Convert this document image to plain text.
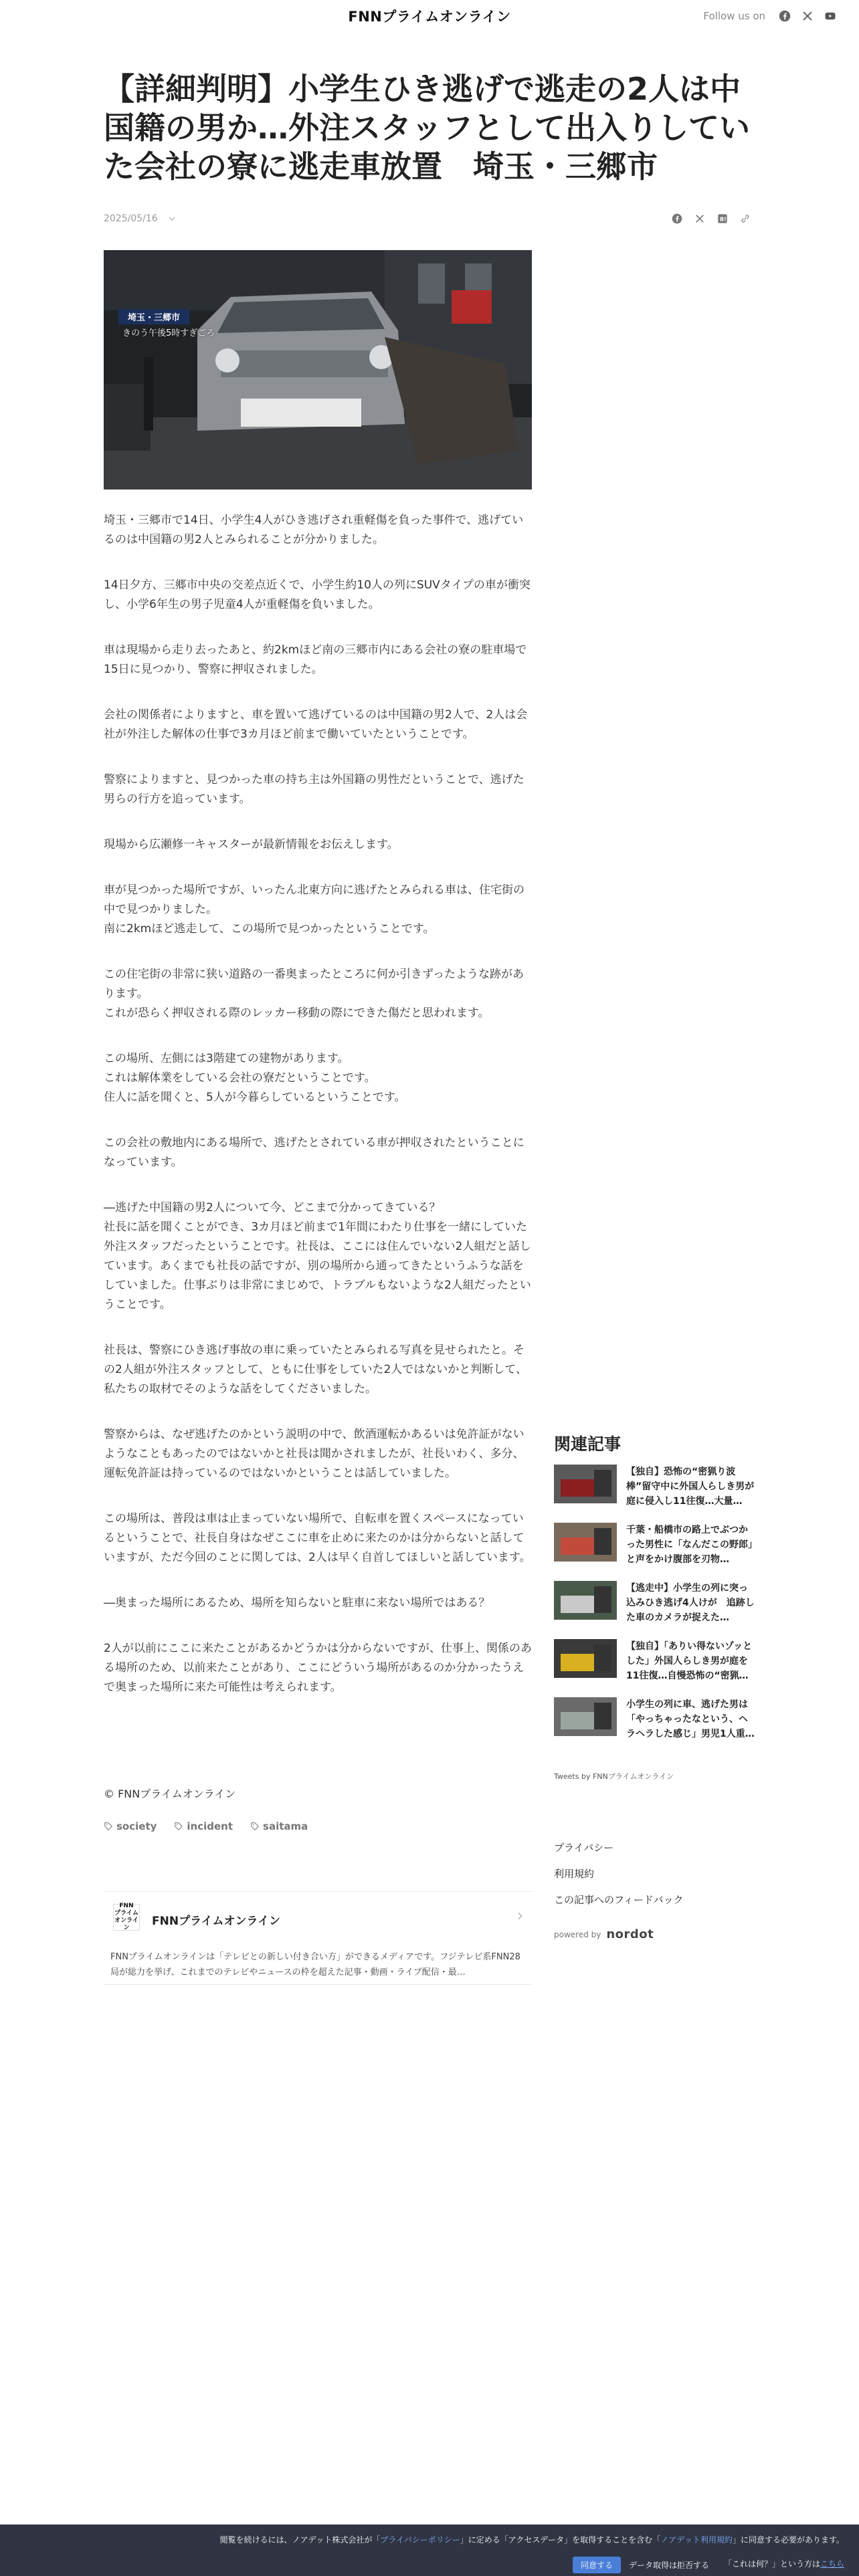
FNNプライムオンライン	Follow us on
【詳細判明】小学生ひき逃げで逃走の2人は中国籍の男か…外注スタッフとして出入りしていた会社の寮に逃走車放置　埼玉・三郷市
2025/05/16	B!
埼玉・三郷市
きのう午後5時すぎごろ

埼玉・三郷市で14日、小学生4人がひき逃げされ重軽傷を負った事件で、逃げているのは中国籍の男2人とみられることが分かりました。

14日夕方、三郷市中央の交差点近くで、小学生約10人の列にSUVタイプの車が衝突し、小学6年生の男子児童4人が重軽傷を負いました。

車は現場から走り去ったあと、約2kmほど南の三郷市内にある会社の寮の駐車場で15日に見つかり、警察に押収されました。

会社の関係者によりますと、車を置いて逃げているのは中国籍の男2人で、2人は会社が外注した解体の仕事で3カ月ほど前まで働いていたということです。

警察によりますと、見つかった車の持ち主は外国籍の男性だということで、逃げた男らの行方を追っています。

現場から広瀬修一キャスターが最新情報をお伝えします。

車が見つかった場所ですが、いったん北東方向に逃げたとみられる車は、住宅街の中で見つかりました。
南に2kmほど逃走して、この場所で見つかったということです。

この住宅街の非常に狭い道路の一番奥まったところに何か引きずったような跡があります。
これが恐らく押収される際のレッカー移動の際にできた傷だと思われます。

この場所、左側には3階建ての建物があります。
これは解体業をしている会社の寮だということです。
住人に話を聞くと、5人が今暮らしているということです。

この会社の敷地内にある場所で、逃げたとされている車が押収されたということになっています。

―逃げた中国籍の男2人について今、どこまで分かってきている？
社長に話を聞くことができ、3カ月ほど前まで1年間にわたり仕事を一緒にしていた外注スタッフだったということです。社長は、ここには住んでいない2人組だと話しています。あくまでも社長の話ですが、別の場所から通ってきたというふうな話をしていました。仕事ぶりは非常にまじめで、トラブルもないような2人組だったということです。

社長は、警察にひき逃げ事故の車に乗っていたとみられる写真を見せられたと。その2人組が外注スタッフとして、ともに仕事をしていた2人ではないかと判断して、私たちの取材でそのような話をしてくださいました。

警察からは、なぜ逃げたのかという説明の中で、飲酒運転かあるいは免許証がないようなこともあったのではないかと社長は聞かされましたが、社長いわく、多分、運転免許証は持っているのではないかということは話していました。

この場所は、普段は車は止まっていない場所で、自転車を置くスペースになっているということで、社長自身はなぜここに車を止めに来たのかは分からないと話していますが、ただ今回のことに関しては、2人は早く自首してほしいと話しています。

―奥まった場所にあるため、場所を知らないと駐車に来ない場所ではある？

2人が以前にここに来たことがあるかどうかは分からないですが、仕事上、関係のある場所のため、以前来たことがあり、ここにどういう場所があるのか分かったうえで奥まった場所に来た可能性は考えられます。

© FNNプライムオンライン
society	incident	saitama
FNN
プライム
オンライン	FNNプライムオンライン
FNNプライムオンラインは「テレビとの新しい付き合い方」ができるメディアです。フジテレビ系FNN28局が総力を挙げ、これまでのテレビやニュースの枠を超えた記事・動画・ライブ配信・最…
関連記事
【独自】恐怖の“密猟り波棒”留守中に外国人らしき男が庭に侵入し11往復…大量…
千葉・船橋市の路上でぶつかった男性に「なんだこの野郎」と声をかけ腹部を刃物…
【逃走中】小学生の列に突っ込みひき逃げ4人けが　追跡した車のカメラが捉えた…
【独自】「ありい得ないゾッとした」外国人らしき男が庭を11往復…自慢恐怖の“密猟…
小学生の列に車、逃げた男は「やっちゃったなという、ヘラヘラした感じ」男児1人重…
Tweets by FNNプライムオンライン
プライバシー
利用規約
この記事へのフィードバック
powered by nordot
閲覧を続けるには、ノアデット株式会社が「プライバシーポリシー」に定める「アクセスデータ」を取得することを含む「ノアデット利用規約」に同意する必要があります。
同意する	データ取得は拒否する 「これは何？」という方はこちら
